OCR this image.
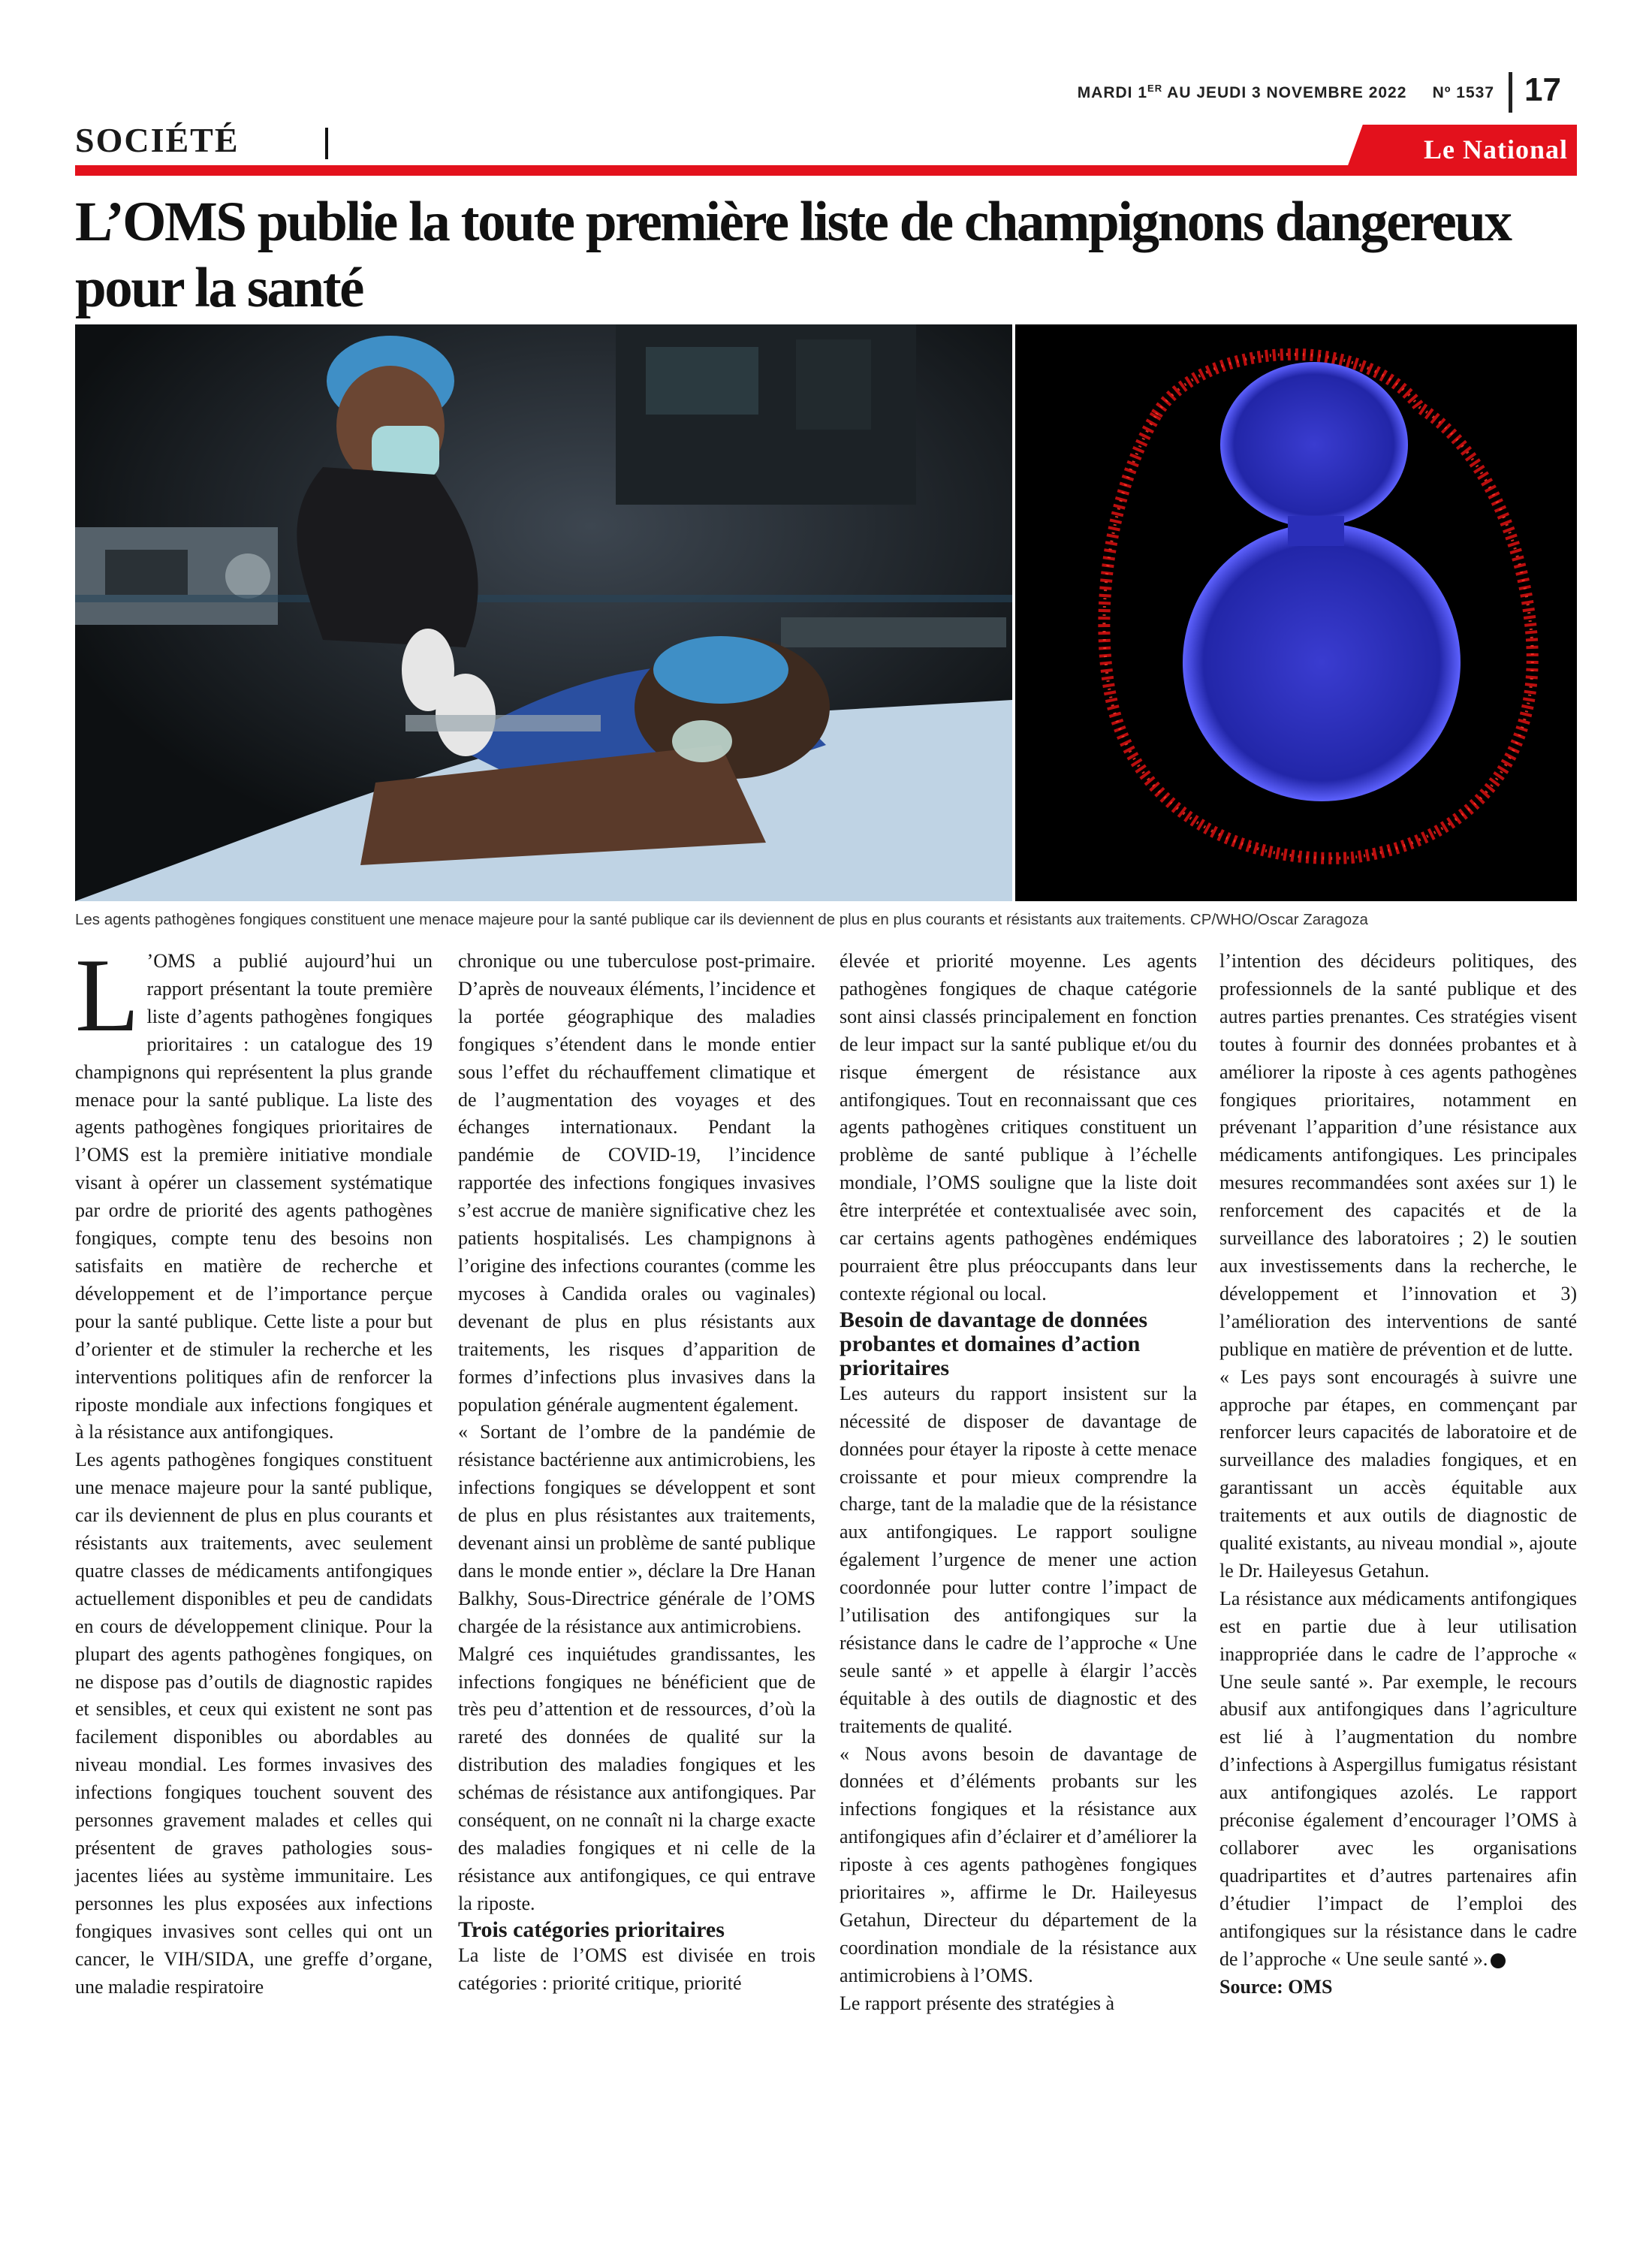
MARDI 1ER AU JEUDI 3 NOVEMBRE 2022 Nº 1537 17
SOCIÉTÉ	Le National
L’OMS publie la toute première liste de champignons dangereux pour la santé
Les agents pathogènes fongiques constituent une menace majeure pour la santé publique car ils deviennent de plus en plus courants et résistants aux traitements. CP/WHO/Oscar Zaragoza

L ’OMS a publié aujourd’hui un rapport présentant la toute première liste d’agents pathogènes fongiques prioritaires : un catalogue des 19 champignons qui représentent la plus grande menace pour la santé publique. La liste des agents pathogènes fongiques prioritaires de l’OMS est la première initiative mondiale visant à opérer un classement systématique par ordre de priorité des agents pathogènes fongiques, compte tenu des besoins non satisfaits en matière de recherche et développement et de l’importance perçue pour la santé publique. Cette liste a pour but d’orienter et de stimuler la recherche et les interventions politiques afin de renforcer la riposte mondiale aux infections fongiques et à la résistance aux antifongiques.

Les agents pathogènes fongiques constituent une menace majeure pour la santé publique, car ils deviennent de plus en plus courants et résistants aux traitements, avec seulement quatre classes de médicaments antifongiques actuellement disponibles et peu de candidats en cours de développement clinique. Pour la plupart des agents pathogènes fongiques, on ne dispose pas d’outils de diagnostic rapides et sensibles, et ceux qui existent ne sont pas facilement disponibles ou abordables au niveau mondial. Les formes invasives des infections fongiques touchent souvent des personnes gravement malades et celles qui présentent de graves pathologies sous-jacentes liées au système immunitaire. Les personnes les plus exposées aux infections fongiques invasives sont celles qui ont un cancer, le VIH/SIDA, une greffe d’organe, une maladie respiratoire

chronique ou une tuberculose post-primaire. D’après de nouveaux éléments, l’incidence et la portée géographique des maladies fongiques s’étendent dans le monde entier sous l’effet du réchauffement climatique et de l’augmentation des voyages et des échanges internationaux. Pendant la pandémie de COVID-19, l’incidence rapportée des infections fongiques invasives s’est accrue de manière significative chez les patients hospitalisés. Les champignons à l’origine des infections courantes (comme les mycoses à Candida orales ou vaginales) devenant de plus en plus résistants aux traitements, les risques d’apparition de formes d’infections plus invasives dans la population générale augmentent également.

« Sortant de l’ombre de la pandémie de résistance bactérienne aux antimicrobiens, les infections fongiques se développent et sont de plus en plus résistantes aux traitements, devenant ainsi un problème de santé publique dans le monde entier », déclare la Dre Hanan Balkhy, Sous-Directrice générale de l’OMS chargée de la résistance aux antimicrobiens.

Malgré ces inquiétudes grandissantes, les infections fongiques ne bénéficient que de très peu d’attention et de ressources, d’où la rareté des données de qualité sur la distribution des maladies fongiques et les schémas de résistance aux antifongiques. Par conséquent, on ne connaît ni la charge exacte des maladies fongiques et ni celle de la résistance aux antifongiques, ce qui entrave la riposte.

Trois catégories prioritaires

La liste de l’OMS est divisée en trois catégories : priorité critique, priorité

élevée et priorité moyenne. Les agents pathogènes fongiques de chaque catégorie sont ainsi classés principalement en fonction de leur impact sur la santé publique et/ou du risque émergent de résistance aux antifongiques. Tout en reconnaissant que ces agents pathogènes critiques constituent un problème de santé publique à l’échelle mondiale, l’OMS souligne que la liste doit être interprétée et contextualisée avec soin, car certains agents pathogènes endémiques pourraient être plus préoccupants dans leur contexte régional ou local.

Besoin de davantage de données probantes et domaines d’action prioritaires

Les auteurs du rapport insistent sur la nécessité de disposer de davantage de données pour étayer la riposte à cette menace croissante et pour mieux comprendre la charge, tant de la maladie que de la résistance aux antifongiques. Le rapport souligne également l’urgence de mener une action coordonnée pour lutter contre l’impact de l’utilisation des antifongiques sur la résistance dans le cadre de l’approche « Une seule santé » et appelle à élargir l’accès équitable à des outils de diagnostic et des traitements de qualité.

« Nous avons besoin de davantage de données et d’éléments probants sur les infections fongiques et la résistance aux antifongiques afin d’éclairer et d’améliorer la riposte à ces agents pathogènes fongiques prioritaires », affirme le Dr. Haileyesus Getahun, Directeur du département de la coordination mondiale de la résistance aux antimicrobiens à l’OMS.

Le rapport présente des stratégies à

l’intention des décideurs politiques, des professionnels de la santé publique et des autres parties prenantes. Ces stratégies visent toutes à fournir des données probantes et à améliorer la riposte à ces agents pathogènes fongiques prioritaires, notamment en prévenant l’apparition d’une résistance aux médicaments antifongiques. Les principales mesures recommandées sont axées sur 1) le renforcement des capacités et de la surveillance des laboratoires ; 2) le soutien aux investissements dans la recherche, le développement et l’innovation et 3) l’amélioration des interventions de santé publique en matière de prévention et de lutte.

« Les pays sont encouragés à suivre une approche par étapes, en commençant par renforcer leurs capacités de laboratoire et de surveillance des maladies fongiques, et en garantissant un accès équitable aux traitements et aux outils de diagnostic de qualité existants, au niveau mondial », ajoute le Dr. Haileyesus Getahun.

La résistance aux médicaments antifongiques est en partie due à leur utilisation inappropriée dans le cadre de l’approche « Une seule santé ». Par exemple, le recours abusif aux antifongiques dans l’agriculture est lié à l’augmentation du nombre d’infections à Aspergillus fumigatus résistant aux antifongiques azolés. Le rapport préconise également d’encourager l’OMS à collaborer avec les organisations quadripartites et d’autres partenaires afin d’étudier l’impact de l’emploi des antifongiques sur la résistance dans le cadre de l’approche « Une seule santé ».

Source: OMS
